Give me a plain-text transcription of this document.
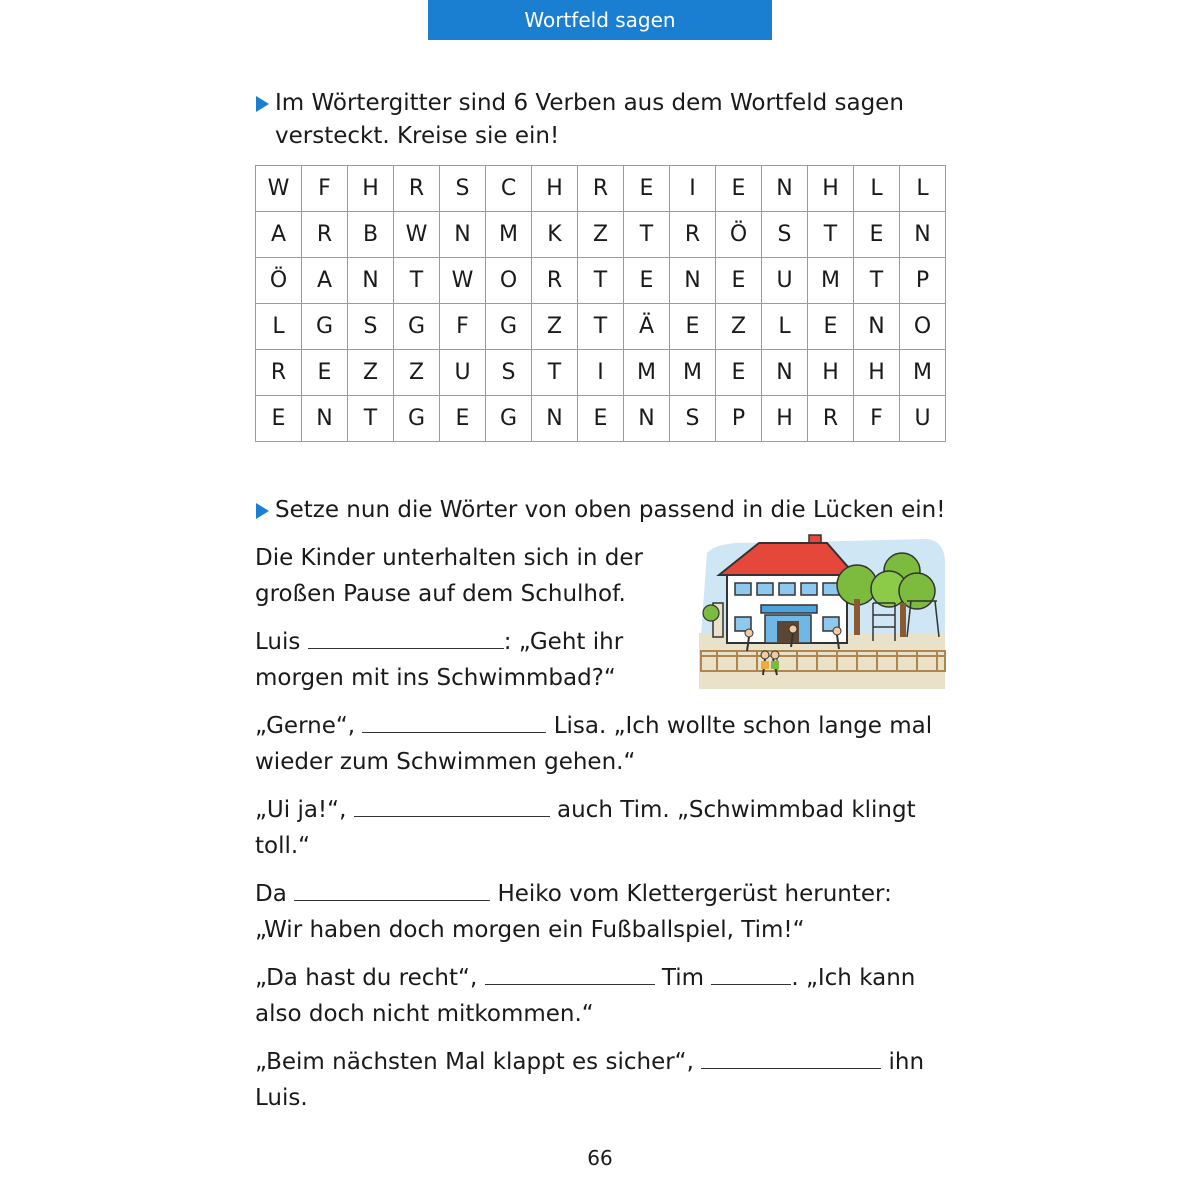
Wortfeld sagen
Im Wörtergitter sind 6 Verben aus dem Wortfeld sagen
versteckt. Kreise sie ein!
W	F	H	R	S	C	H	R	E	I	E	N	H	L	L
A	R	B	W	N	M	K	Z	T	R	Ö	S	T	E	N
Ö	A	N	T	W	O	R	T	E	N	E	U	M	T	P
L	G	S	G	F	G	Z	T	Ä	E	Z	L	E	N	O
R	E	Z	Z	U	S	T	I	M	M	E	N	H	H	M
E	N	T	G	E	G	N	E	N	S	P	H	R	F	U
Setze nun die Wörter von oben passend in die Lücken ein!

Die Kinder unterhalten sich in der
großen Pause auf dem Schulhof.

Luis	: „Geht ihr
morgen mit ins Schwimmbad?“

„Gerne“,	Lisa. „Ich wollte schon lange mal
wieder zum Schwimmen gehen.“

„Ui ja!“,	auch Tim. „Schwimmbad klingt
toll.“

Da	Heiko vom Klettergerüst herunter:
„Wir haben doch morgen ein Fußballspiel, Tim!“

„Da hast du recht“,	Tim	. „Ich kann
also doch nicht mitkommen.“

„Beim nächsten Mal klappt es sicher“,	ihn
Luis.

66
